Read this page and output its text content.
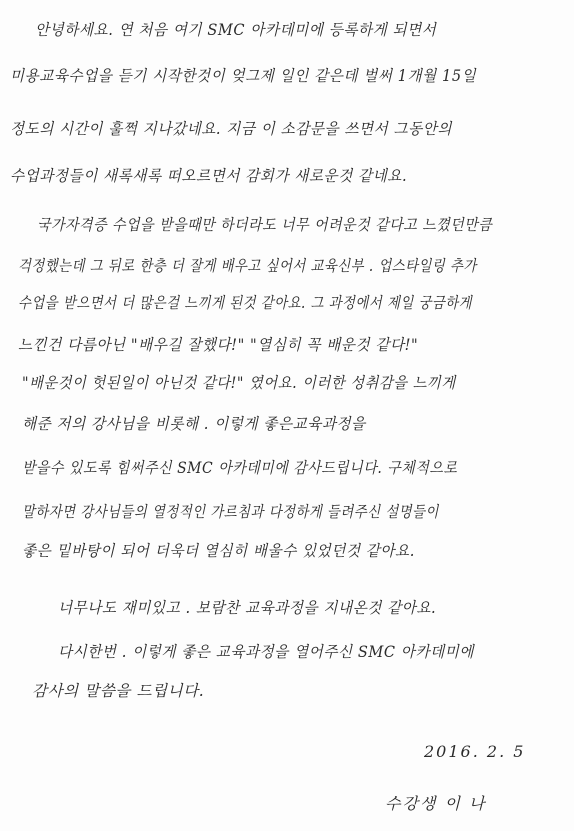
안녕하세요. 연 처음 여기 SMC 아카데미에 등록하게 되면서
미용교육수업을 듣기 시작한것이 엊그제 일인 같은데 벌써 1개월 15일
정도의 시간이 훌쩍 지나갔네요. 지금 이 소감문을 쓰면서 그동안의
수업과정들이 새록새록 떠오르면서 감회가 새로운것 같네요.
국가자격증 수업을 받을때만 하더라도 너무 어려운것 같다고 느꼈던만큼
걱정했는데 그 뒤로 한층 더 잘게 배우고 싶어서 교육신부 . 업스타일링 추가
수업을 받으면서 더 많은걸 느끼게 된것 같아요. 그 과정에서 제일 궁금하게
느낀건 다름아닌 "배우길 잘했다!" "열심히 꼭 배운것 같다!"
"배운것이 헛된일이 아닌것 같다!" 였어요. 이러한 성취감을 느끼게
해준 저의 강사님을 비롯해 . 이렇게 좋은교육과정을
받을수 있도록 힘써주신 SMC 아카데미에 감사드립니다. 구체적으로
말하자면 강사님들의 열정적인 가르침과 다정하게 들려주신 설명들이
좋은 밑바탕이 되어 더욱더 열심히 배울수 있었던것 같아요.
너무나도 재미있고 . 보람찬 교육과정을 지내온것 같아요.
다시한번 . 이렇게 좋은 교육과정을 열어주신 SMC 아카데미에
감사의 말씀을 드립니다.
2016. 2. 5
수강생 이 나
